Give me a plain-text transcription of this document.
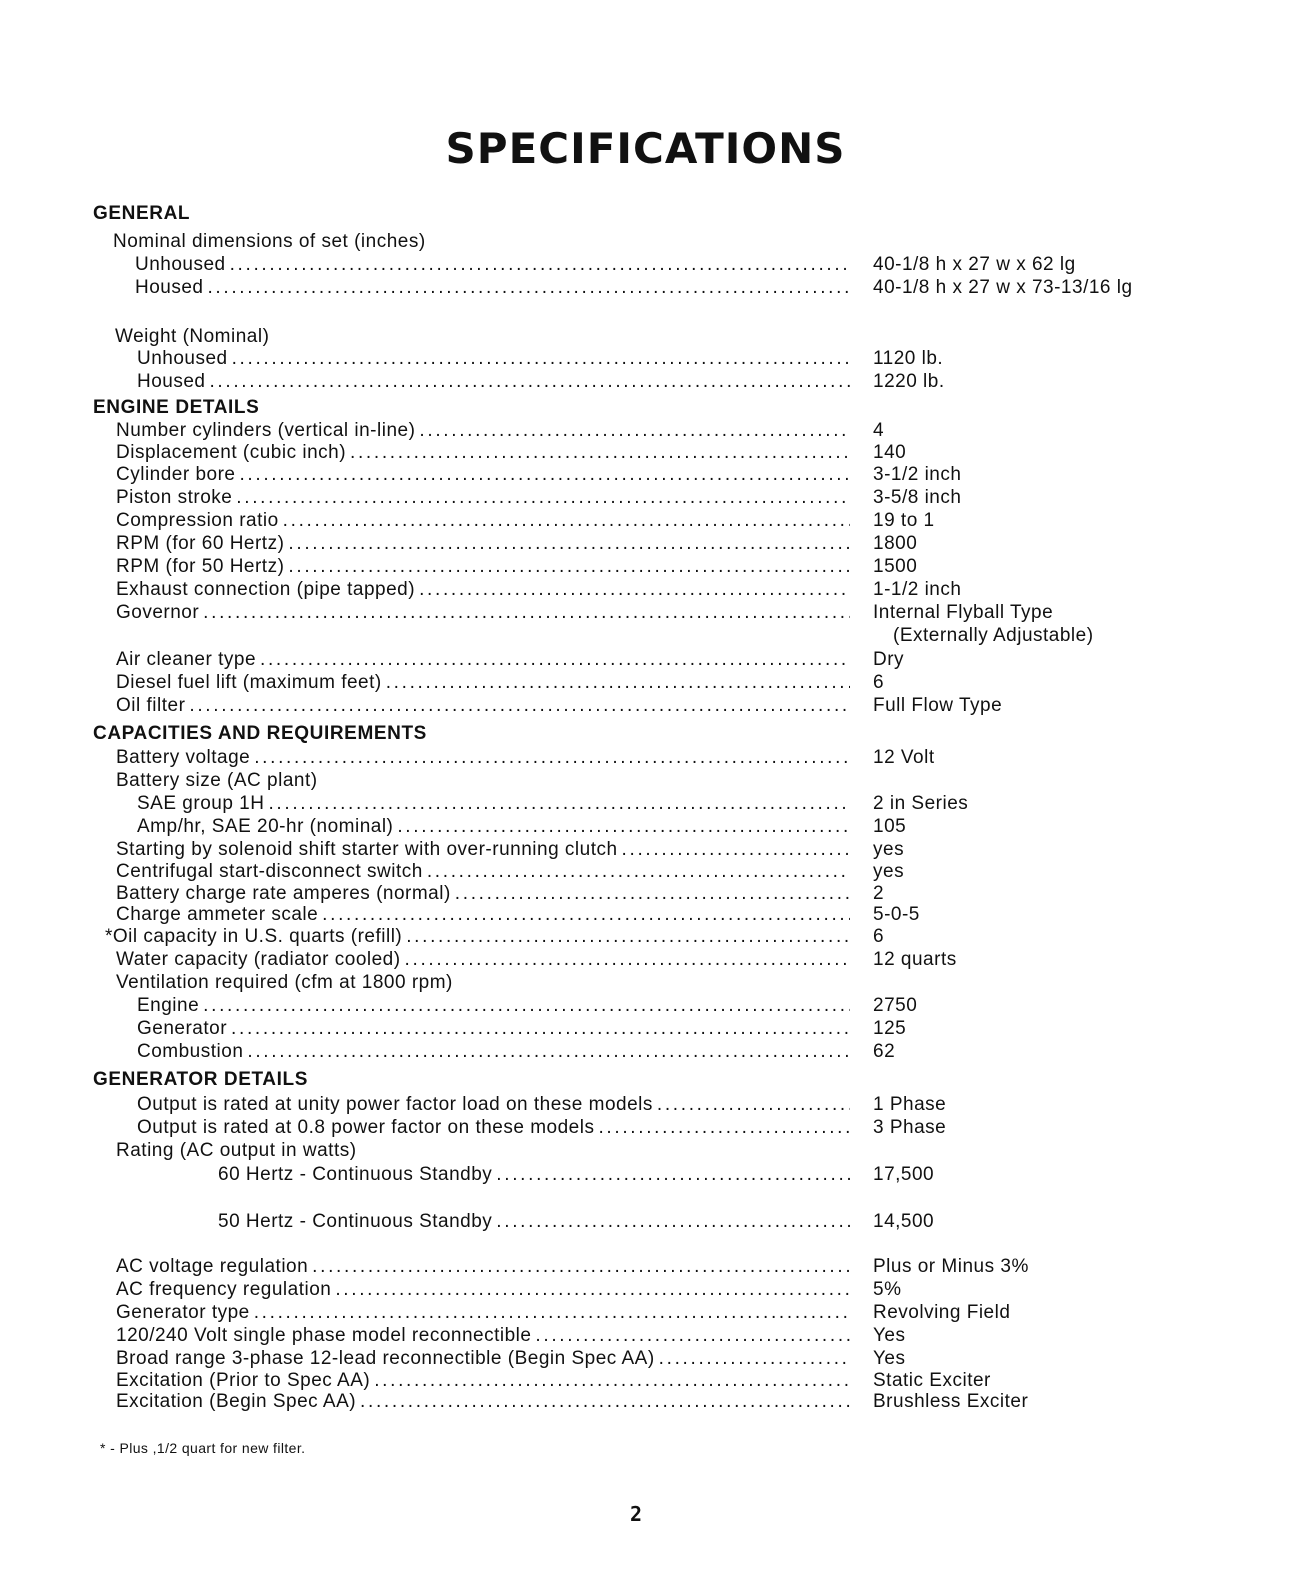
SPECIFICATIONS
GENERAL
Nominal dimensions of set (inches)
Unhoused . . .	40-1/8 h x 27 w x 62 lg
Housed . . .	40-1/8 h x 27 w x 73-13/16 lg
Weight (Nominal)
Unhoused . . .	1120 lb.
Housed . . .	1220 lb.
ENGINE DETAILS
Number cylinders (vertical in-line) . . .	4
Displacement (cubic inch) . . .	140
Cylinder bore . . .	3-1/2 inch
Piston stroke . . .	3-5/8 inch
Compression ratio . . .	19 to 1
RPM (for 60 Hertz) . . .	1800
RPM (for 50 Hertz) . . .	1500
Exhaust connection (pipe tapped) . . .	1-1/2 inch
Governor . . .	Internal Flyball Type
(Externally Adjustable)
Air cleaner type . . .	Dry
Diesel fuel lift (maximum feet) . . .	6
Oil filter . . .	Full Flow Type
CAPACITIES AND REQUIREMENTS
Battery voltage . . .	12 Volt
Battery size (AC plant)
SAE group 1H . . .	2 in Series
Amp/hr, SAE 20-hr (nominal) . . .	105
Starting by solenoid shift starter with over-running clutch . . .	yes
Centrifugal start-disconnect switch . . .	yes
Battery charge rate amperes (normal) . . .	2
Charge ammeter scale . . .	5-0-5
*Oil capacity in U.S. quarts (refill) . . .	6
Water capacity (radiator cooled) . . .	12 quarts
Ventilation required (cfm at 1800 rpm)
Engine . . .	2750
Generator . . .	125
Combustion . . .	62
GENERATOR DETAILS
Output is rated at unity power factor load on these models . . .	1 Phase
Output is rated at 0.8 power factor on these models . . .	3 Phase
Rating (AC output in watts)
60 Hertz - Continuous Standby . . .	17,500
50 Hertz - Continuous Standby . . .	14,500
AC voltage regulation . . .	Plus or Minus 3%
AC frequency regulation . . .	5%
Generator type . . .	Revolving Field
120/240 Volt single phase model reconnectible . . .	Yes
Broad range 3-phase 12-lead reconnectible (Begin Spec AA) . . .	Yes
Excitation (Prior to Spec AA) . . .	Static Exciter
Excitation (Begin Spec AA) . . .	Brushless Exciter
* - Plus ,1/2 quart for new filter.
2
